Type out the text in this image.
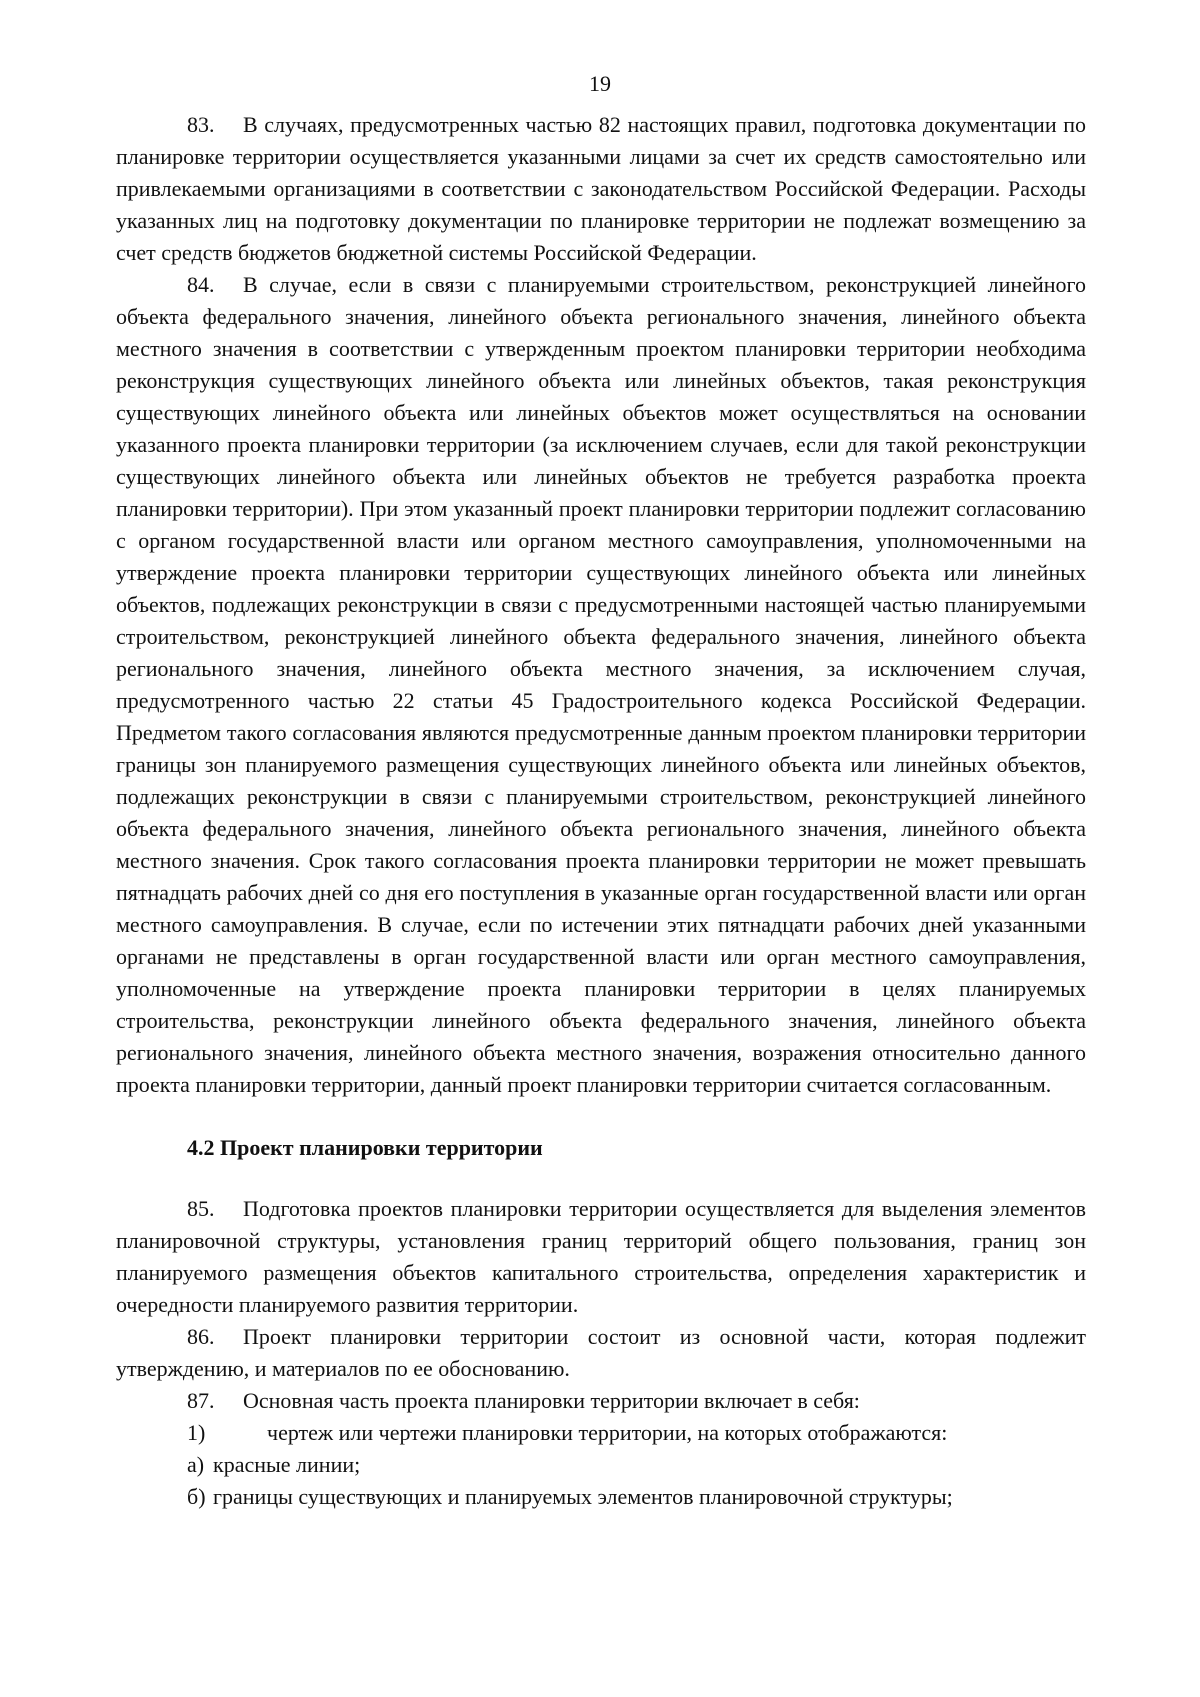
19

83. В случаях, предусмотренных частью 82 настоящих правил, подготовка документации по планировке территории осуществляется указанными лицами за счет их средств самостоятельно или привлекаемыми организациями в соответствии с законодательством Российской Федерации. Расходы указанных лиц на подготовку документации по планировке территории не подлежат возмещению за счет средств бюджетов бюджетной системы Российской Федерации.

84. В случае, если в связи с планируемыми строительством, реконструкцией линейного объекта федерального значения, линейного объекта регионального значения, линейного объекта местного значения в соответствии с утвержденным проектом планировки территории необходима реконструкция существующих линейного объекта или линейных объектов, такая реконструкция существующих линейного объекта или линейных объектов может осуществляться на основании указанного проекта планировки территории (за исключением случаев, если для такой реконструкции существующих линейного объекта или линейных объектов не требуется разработка проекта планировки территории). При этом указанный проект планировки территории подлежит согласованию с органом государственной власти или органом местного самоуправления, уполномоченными на утверждение проекта планировки территории существующих линейного объекта или линейных объектов, подлежащих реконструкции в связи с предусмотренными настоящей частью планируемыми строительством, реконструкцией линейного объекта федерального значения, линейного объекта регионального значения, линейного объекта местного значения, за исключением случая, предусмотренного частью 22 статьи 45 Градостроительного кодекса Российской Федерации. Предметом такого согласования являются предусмотренные данным проектом планировки территории границы зон планируемого размещения существующих линейного объекта или линейных объектов, подлежащих реконструкции в связи с планируемыми строительством, реконструкцией линейного объекта федерального значения, линейного объекта регионального значения, линейного объекта местного значения. Срок такого согласования проекта планировки территории не может превышать пятнадцать рабочих дней со дня его поступления в указанные орган государственной власти или орган местного самоуправления. В случае, если по истечении этих пятнадцати рабочих дней указанными органами не представлены в орган государственной власти или орган местного самоуправления, уполномоченные на утверждение проекта планировки территории в целях планируемых строительства, реконструкции линейного объекта федерального значения, линейного объекта регионального значения, линейного объекта местного значения, возражения относительно данного проекта планировки территории, данный проект планировки территории считается согласованным.

4.2 Проект планировки территории

85. Подготовка проектов планировки территории осуществляется для выделения элементов планировочной структуры, установления границ территорий общего пользования, границ зон планируемого размещения объектов капитального строительства, определения характеристик и очередности планируемого развития территории.

86. Проект планировки территории состоит из основной части, которая подлежит утверждению, и материалов по ее обоснованию.

87. Основная часть проекта планировки территории включает в себя:

1)	чертеж или чертежи планировки территории, на которых отображаются:

а) красные линии;

б) границы существующих и планируемых элементов планировочной структуры;
